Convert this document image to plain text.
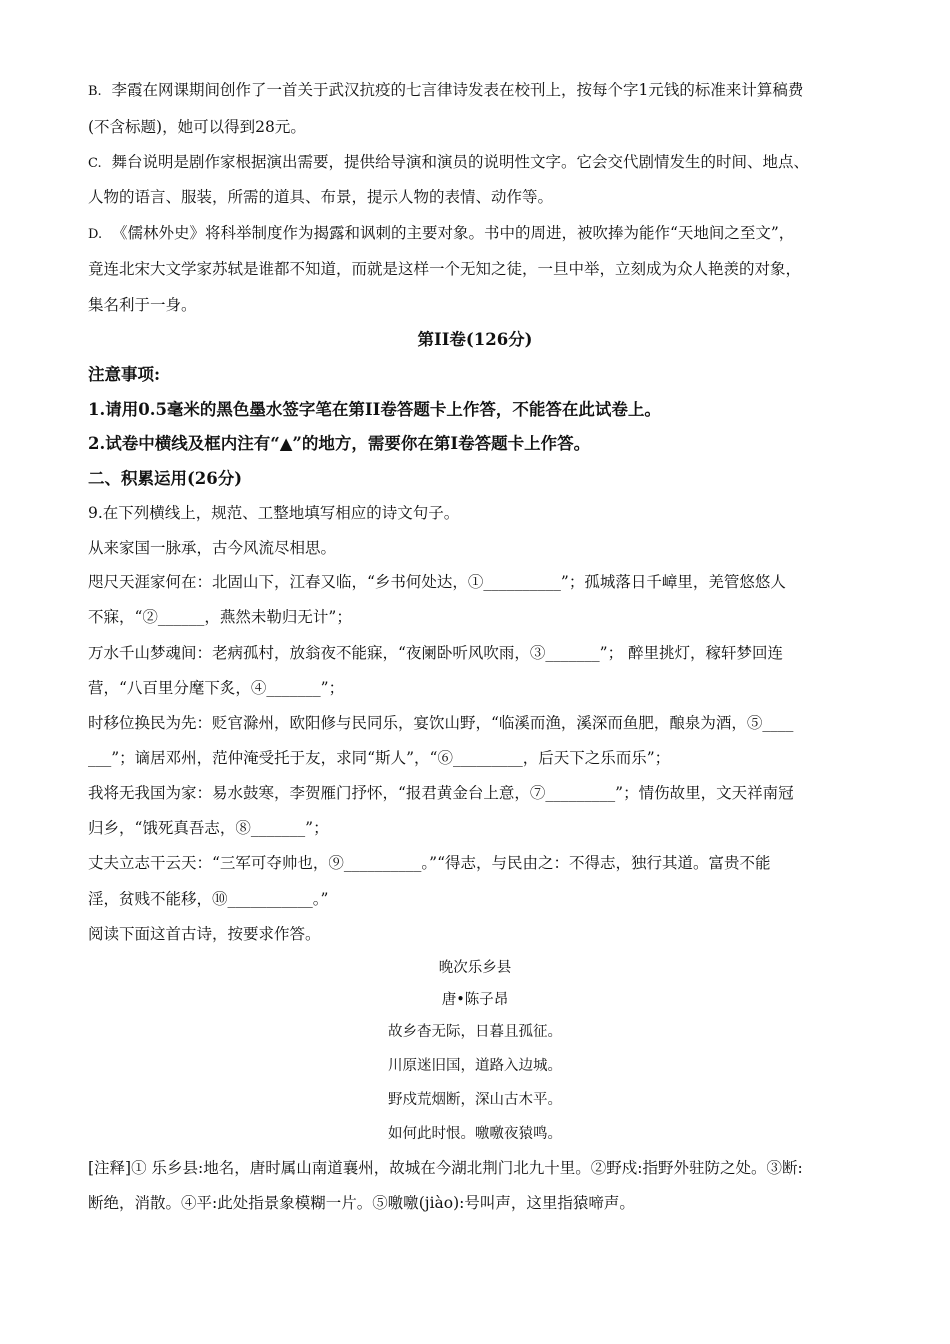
B. 李霞在网课期间创作了一首关于武汉抗疫的七言律诗发表在校刊上，按每个字1元钱的标准来计算稿费
(不含标题)，她可以得到28元。
C. 舞台说明是剧作家根据演出需要，提供给导演和演员的说明性文字。它会交代剧情发生的时间、地点、
人物的语言、服装，所需的道具、布景，提示人物的表情、动作等。
D. 《儒林外史》将科举制度作为揭露和讽刺的主要对象。书中的周进，被吹捧为能作“天地间之至文”，
竟连北宋大文学家苏轼是谁都不知道，而就是这样一个无知之徒，一旦中举，立刻成为众人艳羡的对象，
集名利于一身。
第II卷(126分)
注意事项:
1.请用0.5毫米的黑色墨水签字笔在第II卷答题卡上作答，不能答在此试卷上。
2.试卷中横线及框内注有“▲”的地方，需要你在第I卷答题卡上作答。
二、积累运用(26分)
9.在下列横线上，规范、工整地填写相应的诗文句子。
从来家国一脉承，古今风流尽相思。
咫尺天涯家何在：北固山下，江春又临，“乡书何处达，①__________”；孤城落日千嶂里，羌管悠悠人
不寐，“②______，燕然未勒归无计”；
万水千山梦魂间：老病孤村，放翁夜不能寐，“夜阑卧听风吹雨，③_______”； 醉里挑灯，稼轩梦回连
营，“八百里分麾下炙，④_______”；
时移位换民为先：贬官滁州，欧阳修与民同乐，宴饮山野，“临溪而渔，溪深而鱼肥，酿泉为酒，⑤____
___”；谪居邓州，范仲淹受托于友，求同“斯人”，“⑥_________，后天下之乐而乐”；
我将无我国为家：易水鼓寒，李贺雁门抒怀，“报君黄金台上意，⑦_________”；情伤故里，文天祥南冠
归乡，“饿死真吾志，⑧_______”；
丈夫立志干云天：“三军可夺帅也，⑨__________。”“得志，与民由之：不得志，独行其道。富贵不能
淫，贫贱不能移，⑩___________。”
阅读下面这首古诗，按要求作答。
晚次乐乡县
唐•陈子昂
故乡杳无际，日暮且孤征。
川原迷旧国，道路入边城。
野戍荒烟断，深山古木平。
如何此时恨。噭噭夜猿鸣。
[注释]① 乐乡县:地名，唐时属山南道襄州，故城在今湖北荆门北九十里。②野戍:指野外驻防之处。③断:
断绝，消散。④平:此处指景象模糊一片。⑤噭噭(jiào):号叫声，这里指猿啼声。
